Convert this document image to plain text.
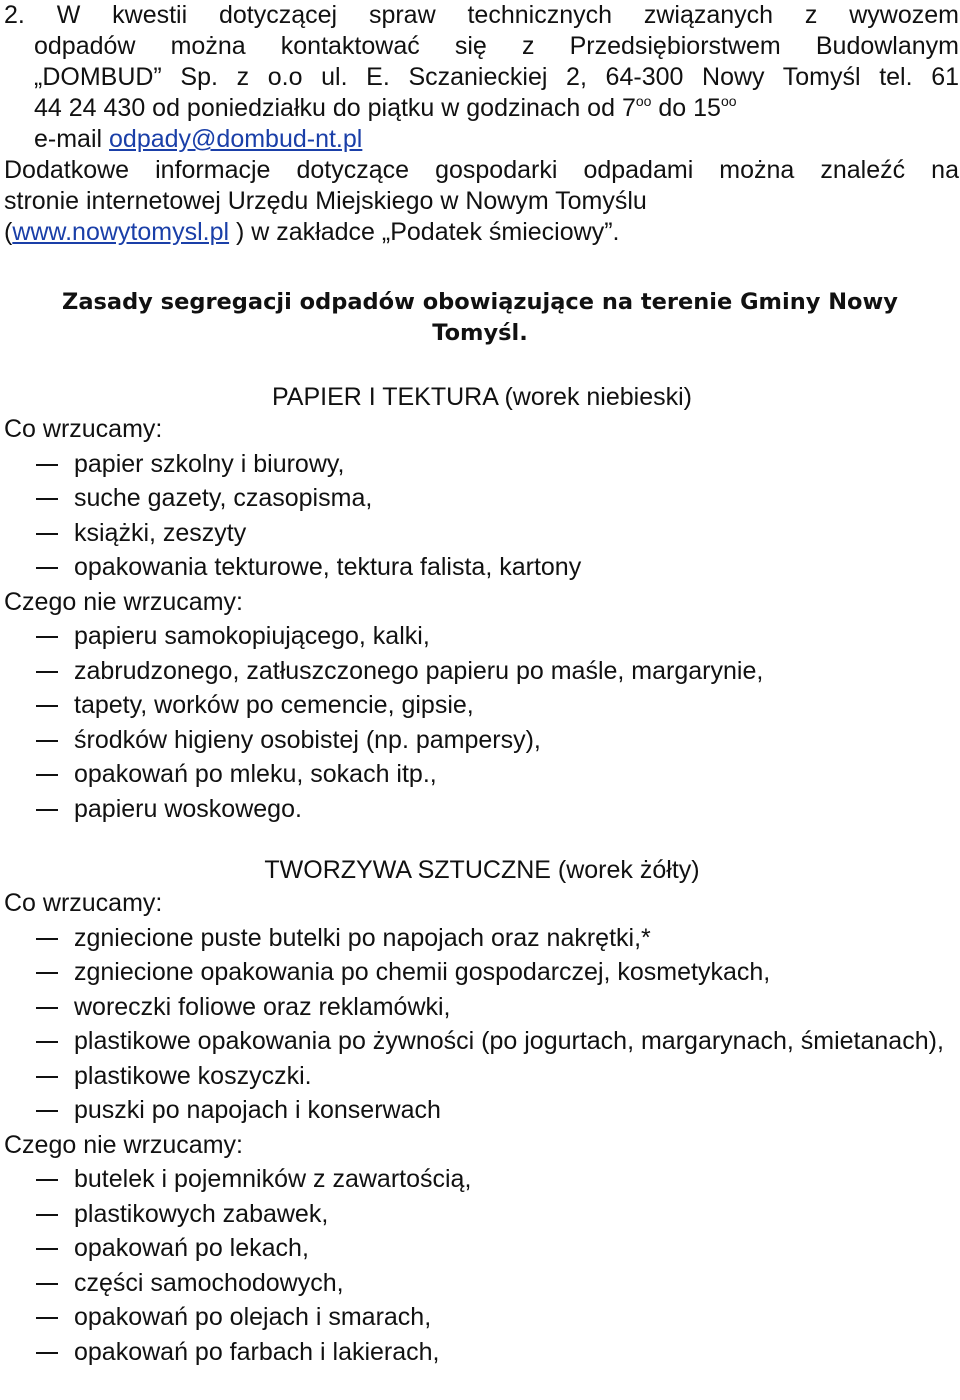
2. W kwestii dotyczącej spraw technicznych związanych z wywozem
odpadów można kontaktować się z Przedsiębiorstwem Budowlanym
„DOMBUD” Sp. z o.o ul. E. Sczanieckiej 2, 64-300 Nowy Tomyśl tel. 61
44 24 430 od poniedziałku do piątku w godzinach od $7^{oo}$ do $15^{oo}$
e-mail odpady@dombud-nt.pl
Dodatkowe informacje dotyczące gospodarki odpadami można znaleźć na
stronie internetowej Urzędu Miejskiego w Nowym Tomyślu
(www.nowytomysl.pl ) w zakładce „Podatek śmieciowy”.
Zasady segregacji odpadów obowiązujące na terenie Gminy Nowy
Tomyśl.
PAPIER I TEKTURA (worek niebieski)
Co wrzucamy:
papier szkolny i biurowy,
suche gazety, czasopisma,
książki, zeszyty
opakowania tekturowe, tektura falista, kartony
Czego nie wrzucamy:
papieru samokopiującego, kalki,
zabrudzonego, zatłuszczonego papieru po maśle, margarynie,
tapety, worków po cemencie, gipsie,
środków higieny osobistej (np. pampersy),
opakowań po mleku, sokach itp.,
papieru woskowego.
TWORZYWA SZTUCZNE (worek żółty)
Co wrzucamy:
zgniecione puste butelki po napojach oraz nakrętki,*
zgniecione opakowania po chemii gospodarczej, kosmetykach,
woreczki foliowe oraz reklamówki,
plastikowe opakowania po żywności (po jogurtach, margarynach, śmietanach),
plastikowe koszyczki.
puszki po napojach i konserwach
Czego nie wrzucamy:
butelek i pojemników z zawartością,
plastikowych zabawek,
opakowań po lekach,
części samochodowych,
opakowań po olejach i smarach,
opakowań po farbach i lakierach,
